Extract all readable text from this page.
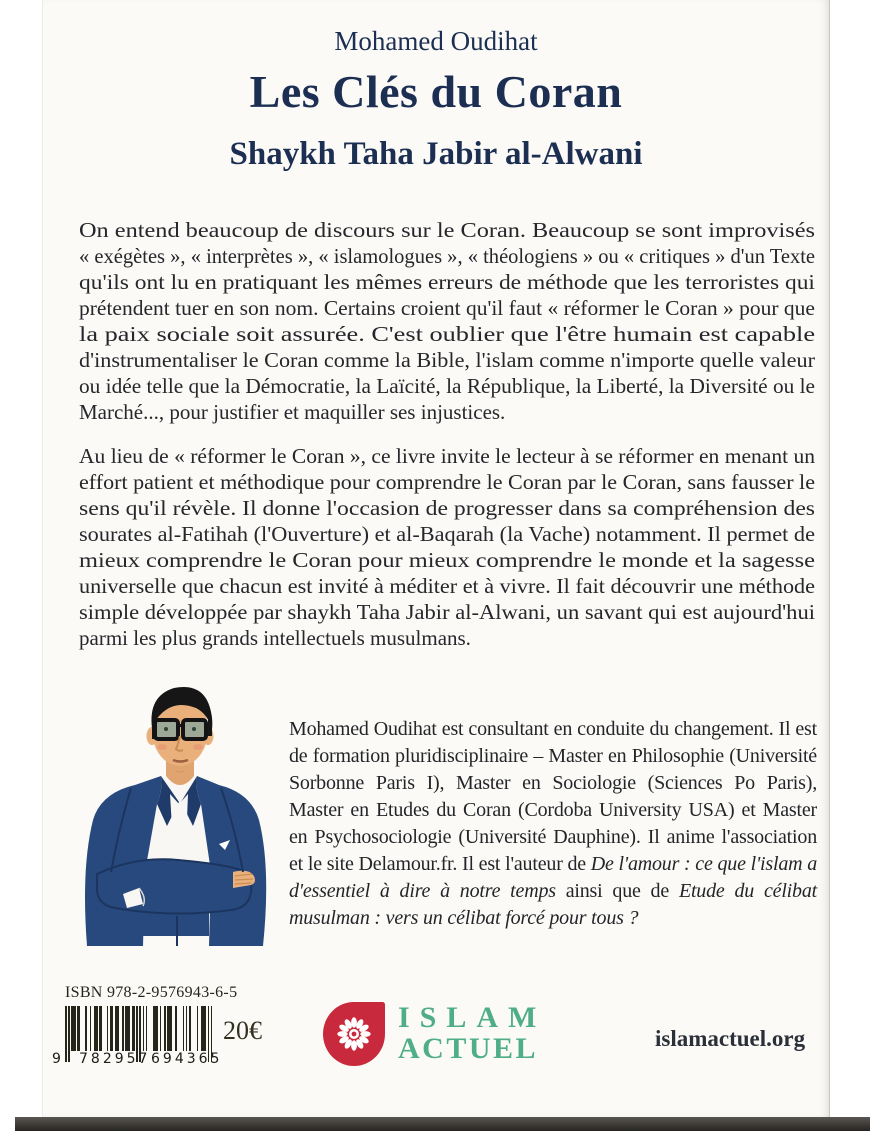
Mohamed Oudihat
Les Clés du Coran
Shaykh Taha Jabir al-Alwani
On entend beaucoup de discours sur le Coran. Beaucoup se sont improvisés
« exégètes », « interprètes », « islamologues », « théologiens » ou « critiques » d'un Texte
qu'ils ont lu en pratiquant les mêmes erreurs de méthode que les terroristes qui
prétendent tuer en son nom. Certains croient qu'il faut « réformer le Coran » pour que
la paix sociale soit assurée. C'est oublier que l'être humain est capable
d'instrumentaliser le Coran comme la Bible, l'islam comme n'importe quelle valeur
ou idée telle que la Démocratie, la Laïcité, la République, la Liberté, la Diversité ou le
Marché..., pour justifier et maquiller ses injustices.
Au lieu de « réformer le Coran », ce livre invite le lecteur à se réformer en menant un
effort patient et méthodique pour comprendre le Coran par le Coran, sans fausser le
sens qu'il révèle. Il donne l'occasion de progresser dans sa compréhension des
sourates al-Fatihah (l'Ouverture) et al-Baqarah (la Vache) notamment. Il permet de
mieux comprendre le Coran pour mieux comprendre le monde et la sagesse
universelle que chacun est invité à méditer et à vivre. Il fait découvrir une méthode
simple développée par shaykh Taha Jabir al-Alwani, un savant qui est aujourd'hui
parmi les plus grands intellectuels musulmans.
Mohamed Oudihat est consultant en conduite du changement. Il est de formation pluridisciplinaire – Master en Philosophie (Université Sorbonne Paris I), Master en Sociologie (Sciences Po Paris), Master en Etudes du Coran (Cordoba University USA) et Master en Psychosociologie (Université Dauphine). Il anime l'association et le site Delamour.fr. Il est l'auteur de De l'amour : ce que l'islam a d'essentiel à dire à notre temps ainsi que de Etude du célibat musulman : vers un célibat forcé pour tous ?
ISBN 978-2-9576943-6-5
9 782957 694365
20€	ISLAM
ACTUEL	islamactuel.org
